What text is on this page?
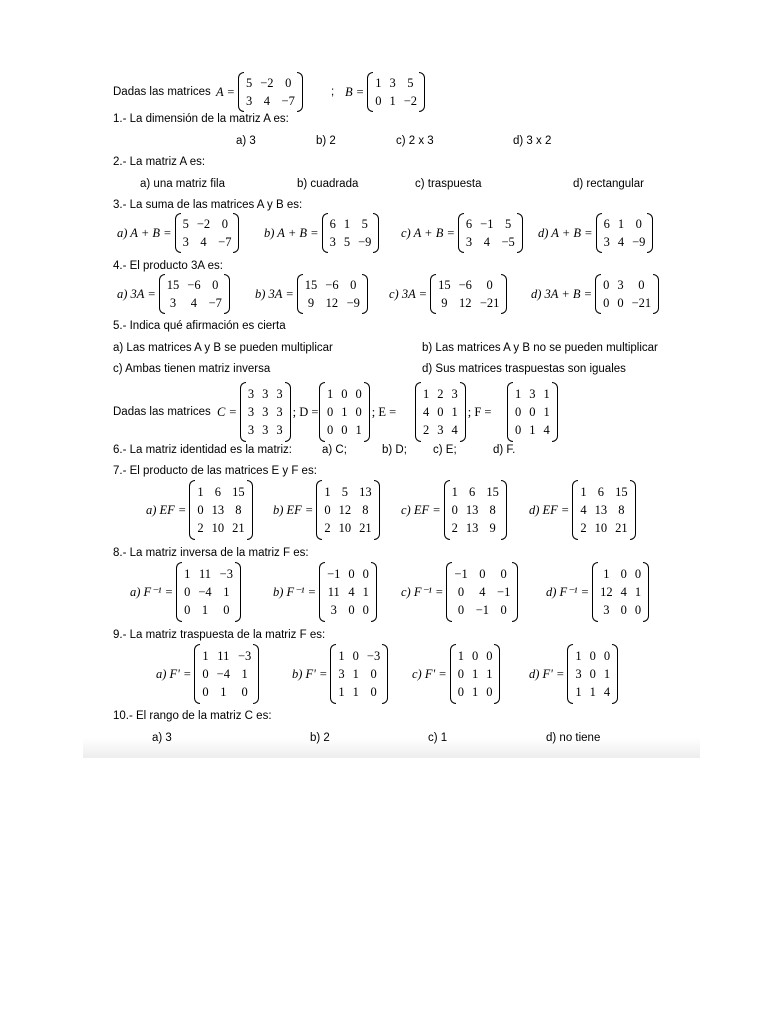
Dadas las matrices A =
5 −2 0
3 4 −7
; B =
1 3 5
0 1 −2
1.- La dimensión de la matriz A es:
a) 3	b) 2	c) 2 x 3	d) 3 x 2
2.- La matriz A es:
a) una matriz fila	b) cuadrada	c) traspuesta	d) rectangular
3.- La suma de las matrices A y B es:
a) A + B =
5 −2 0
3 4 −7
b) A + B =
6 1 5
3 5 −9
c) A + B =
6 −1 5
3 4 −5
d) A + B =
6 1 0
3 4 −9
4.- El producto 3A es:
a) 3A =
15 −6 0
3 4 −7
b) 3A =
15 −6 0
9 12 −9
c) 3A =
15 −6	0
9 12 −21
d) 3A + B =
0 3	0
0 0 −21
5.- Indica qué afirmación es cierta
a) Las matrices A y B se pueden multiplicar	b) Las matrices A y B no se pueden multiplicar
c) Ambas tienen matriz inversa	d) Sus matrices traspuestas son iguales
Dadas las matrices C =
3 3 3
3 3 3
3 3 3
; D =
1 0 0
0 1 0
0 0 1
; E =
1 2 3
4 0 1
2 3 4
; F =
1 3 1
0 0 1
0 1 4
6.- La matriz identidad es la matriz:	a) C;	b) D; c) E;	d) F.
7.- El producto de las matrices E y F es:
a) EF =
1 6 15
0 13 8
2 10 21
b) EF =
1 5 13
0 12 8
2 10 21
c) EF =
1 6 15
0 13 8
2 13 9
d) EF =
1 6 15
4 13 8
2 10 21
8.- La matriz inversa de la matriz F es:
a) F⁻¹ =
1 11 −3
0 −4 1
0 1 0
b) F⁻¹ =
−1 0 0
11 4 1
3 0 0
c) F⁻¹ =
−1 0 0
0 4 −1
0 −1 0
d) F⁻¹ =
1 0 0
12 4 1
3 0 0
9.- La matriz traspuesta de la matriz F es:
a) F' =
1 11 −3
0 −4 1
0 1 0
b) F' =
1 0 −3
3 1 0
1 1 0
c) F' =
1 0 0
0 1 1
0 1 0
d) F' =
1 0 0
3 0 1
1 1 4
10.- El rango de la matriz C es:
a) 3	b) 2	c) 1	d) no tiene
